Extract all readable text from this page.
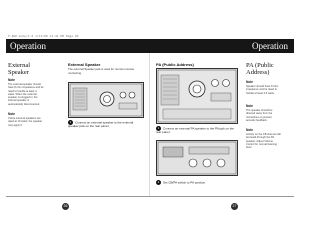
F-8GE-Acmo/1.0 1/13/00 12:41 PM Page 26
Operation	Operation
External Speaker
Note
The external speaker should have 8 ohm impedance and be rated to handle at least 4 watts. When the external speaker is plugged in, the internal speaker is automatically disconnected.
Note
Cobra external speakers are rated at 10 watts; the speaker may apply 5.
External Speaker
The external Speaker jack is used for remote receiver monitoring.
1 Connect an external speaker to the external speaker jack on the rear panel.
PA (Public Address)
1 Connect an external PA speaker to the PA jack on the rear panel.
2 Set CB/PA switch to PA position.
PA (Public Address)
Note
Speaker should have 8 ohm impedance and be rated to handle at least 4.5 watts.
Note
The speaker should be directed away from the microphone to prevent acoustic feedback.
Note
Activity on the CB channel will be heard through the PA speaker. Adjust Volume Control for normal listening level.
26	27
